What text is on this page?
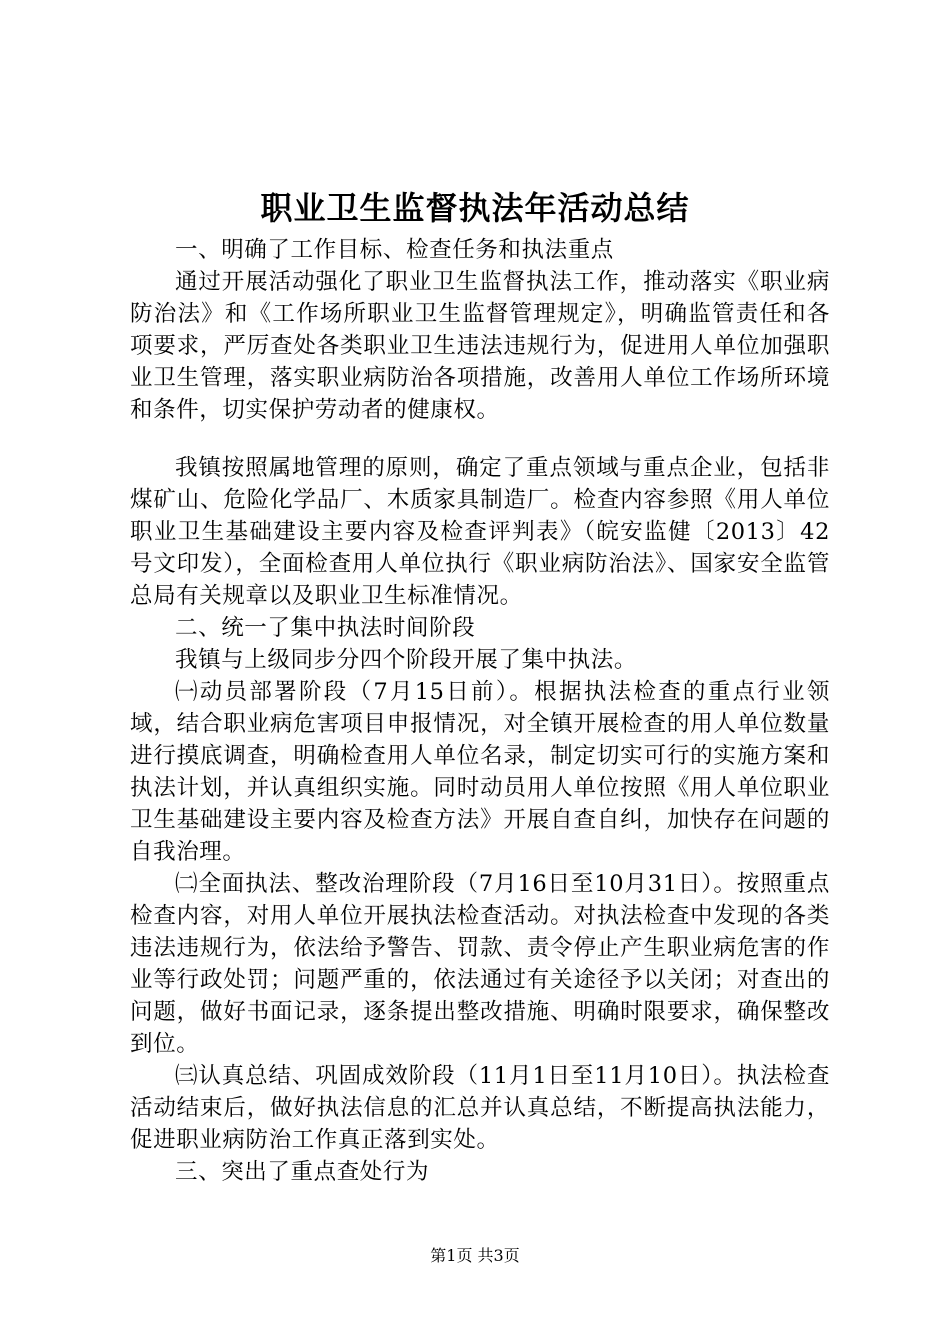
职业卫生监督执法年活动总结

一、明确了工作目标、检查任务和执法重点

通过开展活动强化了职业卫生监督执法工作，推动落实《职业病防治法》和《工作场所职业卫生监督管理规定》，明确监管责任和各项要求，严厉查处各类职业卫生违法违规行为，促进用人单位加强职业卫生管理，落实职业病防治各项措施，改善用人单位工作场所环境和条件，切实保护劳动者的健康权。

我镇按照属地管理的原则，确定了重点领域与重点企业，包括非煤矿山、危险化学品厂、木质家具制造厂。检查内容参照《用人单位职业卫生基础建设主要内容及检查评判表》（皖安监健〔2013〕42号文印发），全面检查用人单位执行《职业病防治法》、国家安全监管总局有关规章以及职业卫生标准情况。

二、统一了集中执法时间阶段

我镇与上级同步分四个阶段开展了集中执法。

㈠动员部署阶段（7月15日前）。根据执法检查的重点行业领域，结合职业病危害项目申报情况，对全镇开展检查的用人单位数量进行摸底调查，明确检查用人单位名录，制定切实可行的实施方案和执法计划，并认真组织实施。同时动员用人单位按照《用人单位职业卫生基础建设主要内容及检查方法》开展自查自纠，加快存在问题的自我治理。

㈡全面执法、整改治理阶段（7月16日至10月31日）。按照重点检查内容，对用人单位开展执法检查活动。对执法检查中发现的各类违法违规行为，依法给予警告、罚款、责令停止产生职业病危害的作业等行政处罚；问题严重的，依法通过有关途径予以关闭；对查出的问题，做好书面记录，逐条提出整改措施、明确时限要求，确保整改到位。

㈢认真总结、巩固成效阶段（11月1日至11月10日）。执法检查活动结束后，做好执法信息的汇总并认真总结，不断提高执法能力，促进职业病防治工作真正落到实处。

三、突出了重点查处行为

第1页 共3页
